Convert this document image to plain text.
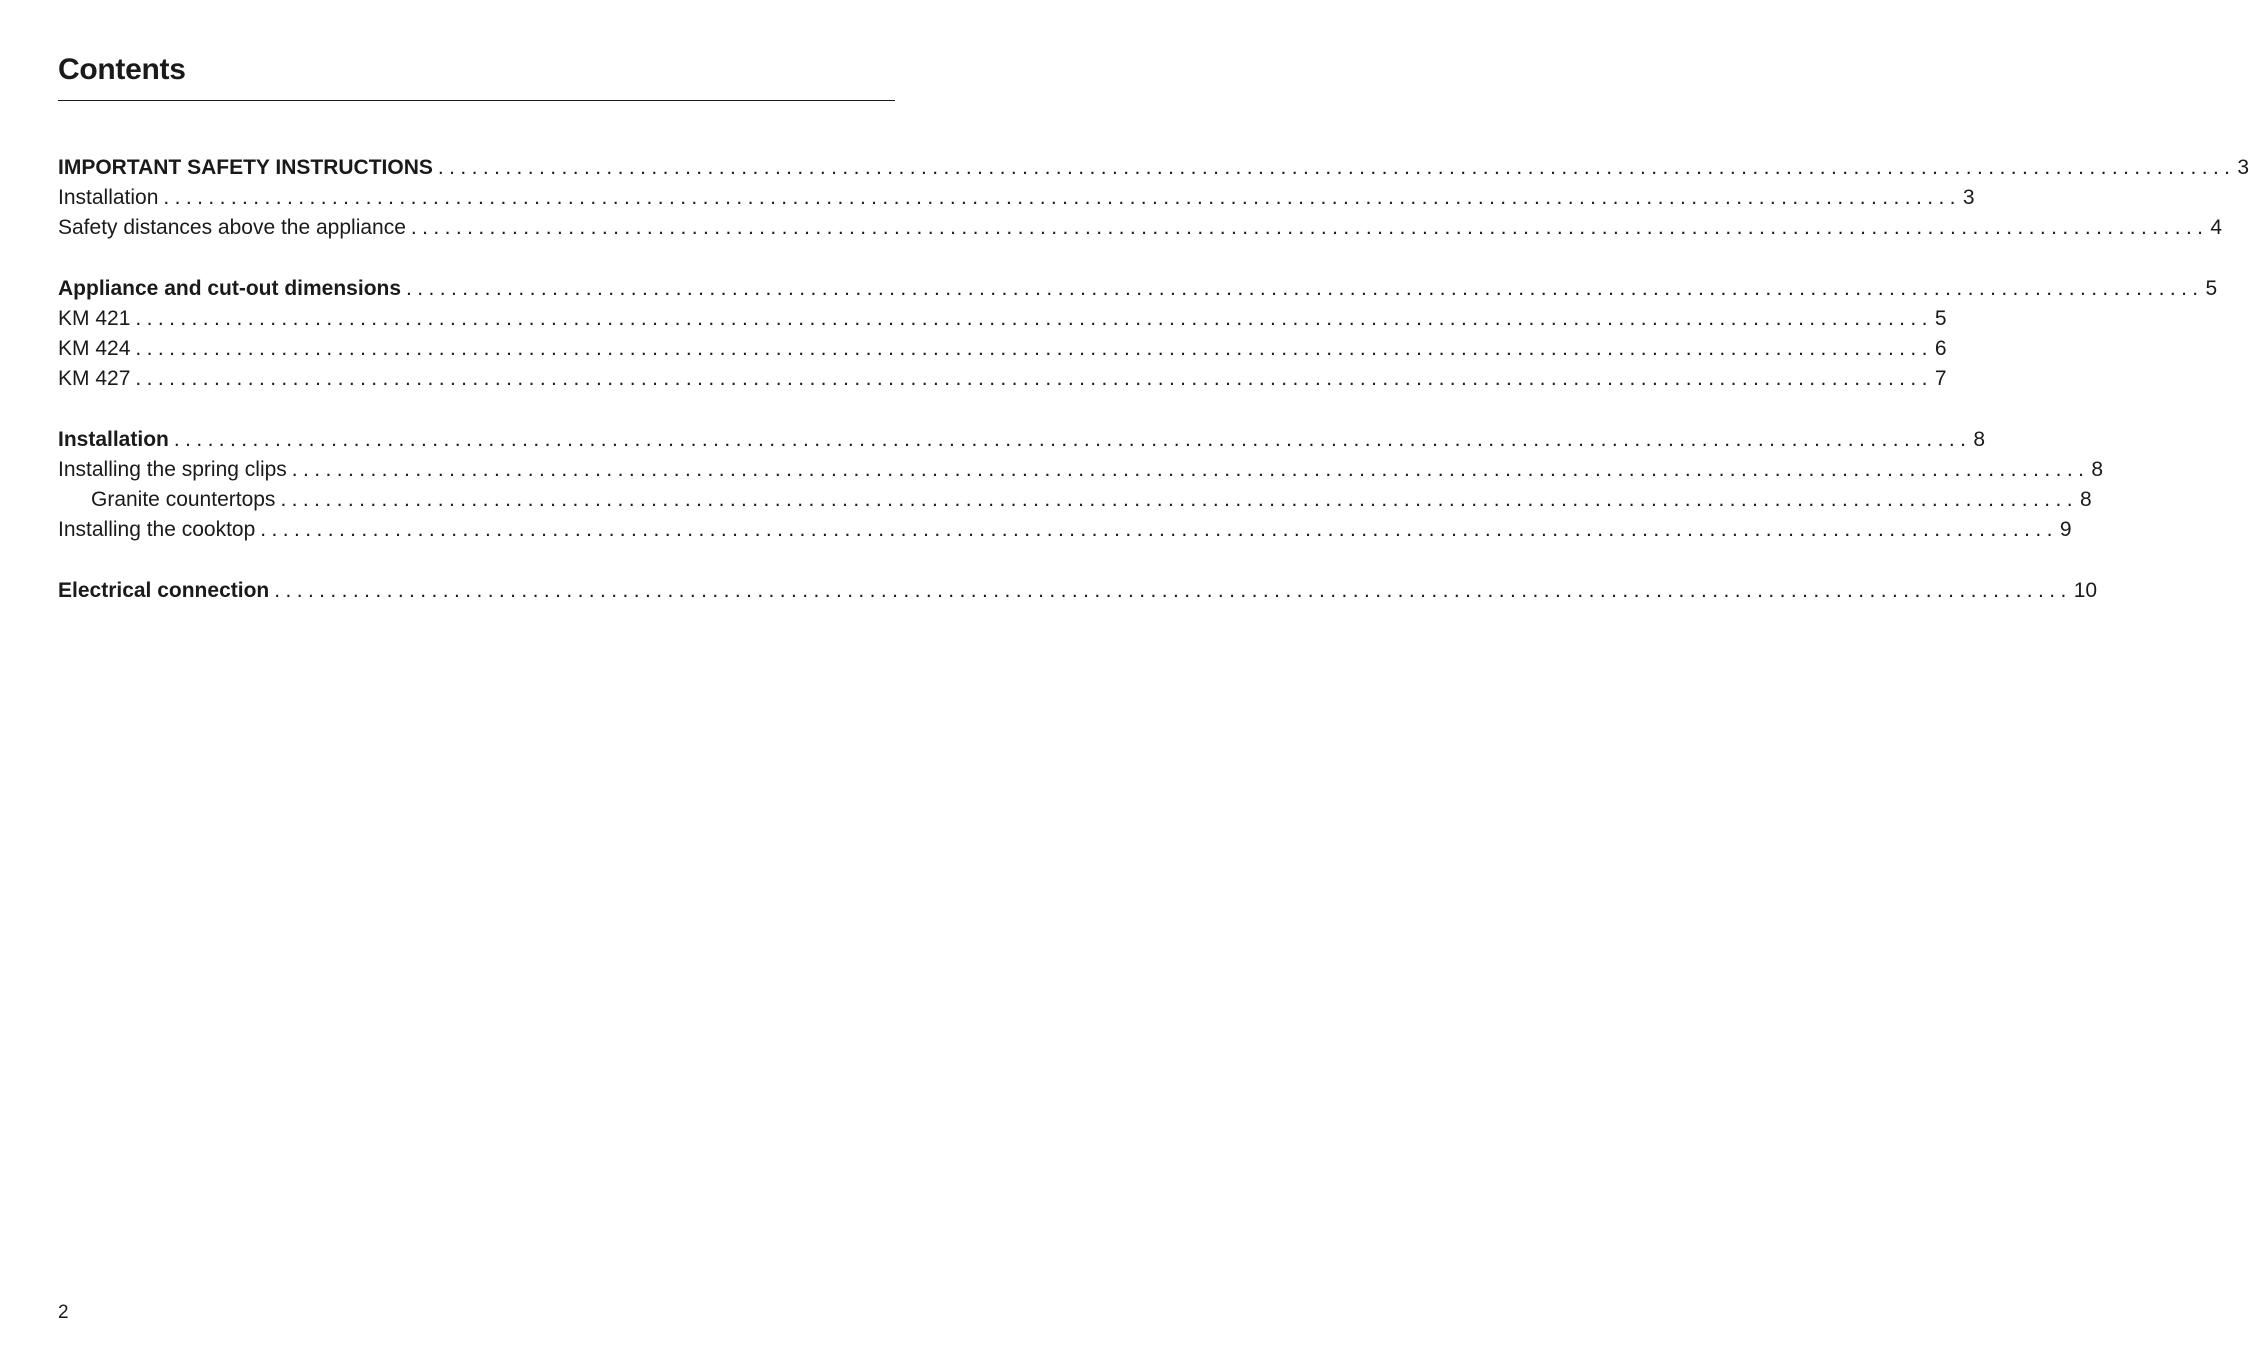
Contents
IMPORTANT SAFETY INSTRUCTIONS ................................................................................................................................................................ 3
Installation ................................................................................................................................................................ 3
Safety distances above the appliance ................................................................................................................................................................ 4
Appliance and cut-out dimensions ................................................................................................................................................................ 5
KM 421 ................................................................................................................................................................ 5
KM 424 ................................................................................................................................................................ 6
KM 427 ................................................................................................................................................................ 7
Installation ................................................................................................................................................................ 8
Installing the spring clips ................................................................................................................................................................ 8
Granite countertops ................................................................................................................................................................ 8
Installing the cooktop ................................................................................................................................................................ 9
Electrical connection ................................................................................................................................................................ 10
2
